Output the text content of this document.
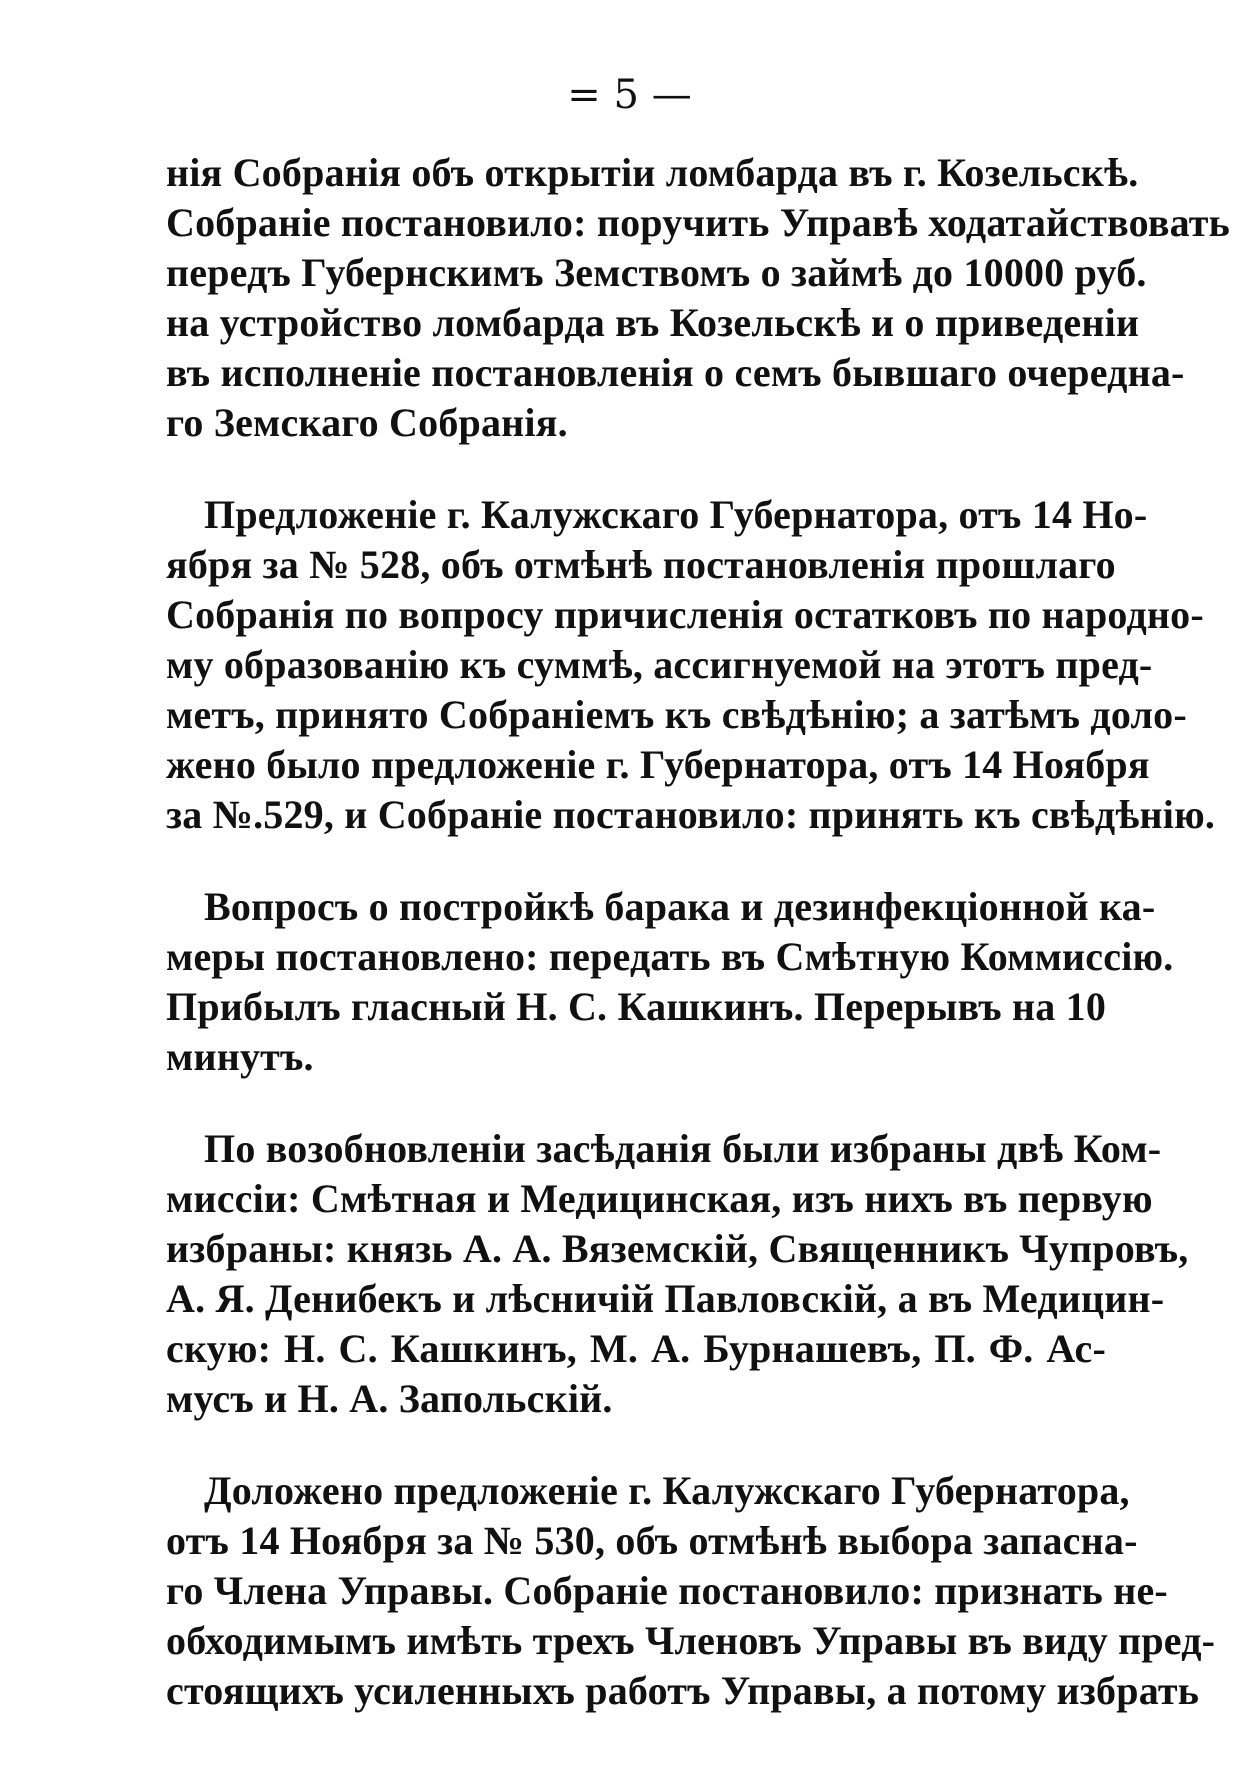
= 5 —
нія Собранія объ открытіи ломбарда въ г. Козельскѣ.
Собраніе постановило: поручить Управѣ ходатайствовать
передъ Губернскимъ Земствомъ о займѣ до 10000 руб.
на устройство ломбарда въ Козельскѣ и о приведеніи
въ исполненіе постановленія о семъ бывшаго очередна-
го Земскаго Собранія.
Предложеніе г. Калужскаго Губернатора, отъ 14 Но-
ября за № 528, объ отмѣнѣ постановленія прошлаго
Собранія по вопросу причисленія остатковъ по народно-
му образованію къ суммѣ, ассигнуемой на этотъ пред-
метъ, принято Собраніемъ къ свѣдѣнію; а затѣмъ доло-
жено было предложеніе г. Губернатора, отъ 14 Ноября
за №.529, и Собраніе постановило: принять къ свѣдѣнію.
Вопросъ о постройкѣ барака и дезинфекціонной ка-
меры постановлено: передать въ Смѣтную Коммиссію.
Прибылъ гласный Н. С. Кашкинъ. Перерывъ на 10
минутъ.
По возобновленіи засѣданія были избраны двѣ Ком-
миссіи: Смѣтная и Медицинская, изъ нихъ въ первую
избраны: князь А. А. Вяземскій, Священникъ Чупровъ,
А. Я. Денибекъ и лѣсничій Павловскій, а въ Медицин-
скую: Н. С. Кашкинъ, М. А. Бурнашевъ, П. Ф. Ас-
мусъ и Н. А. Запольскій.
Доложено предложеніе г. Калужскаго Губернатора,
отъ 14 Ноября за № 530, объ отмѣнѣ выбора запасна-
го Члена Управы. Собраніе постановило: признать не-
обходимымъ имѣть трехъ Членовъ Управы въ виду пред-
стоящихъ усиленныхъ работъ Управы, а потому избрать
